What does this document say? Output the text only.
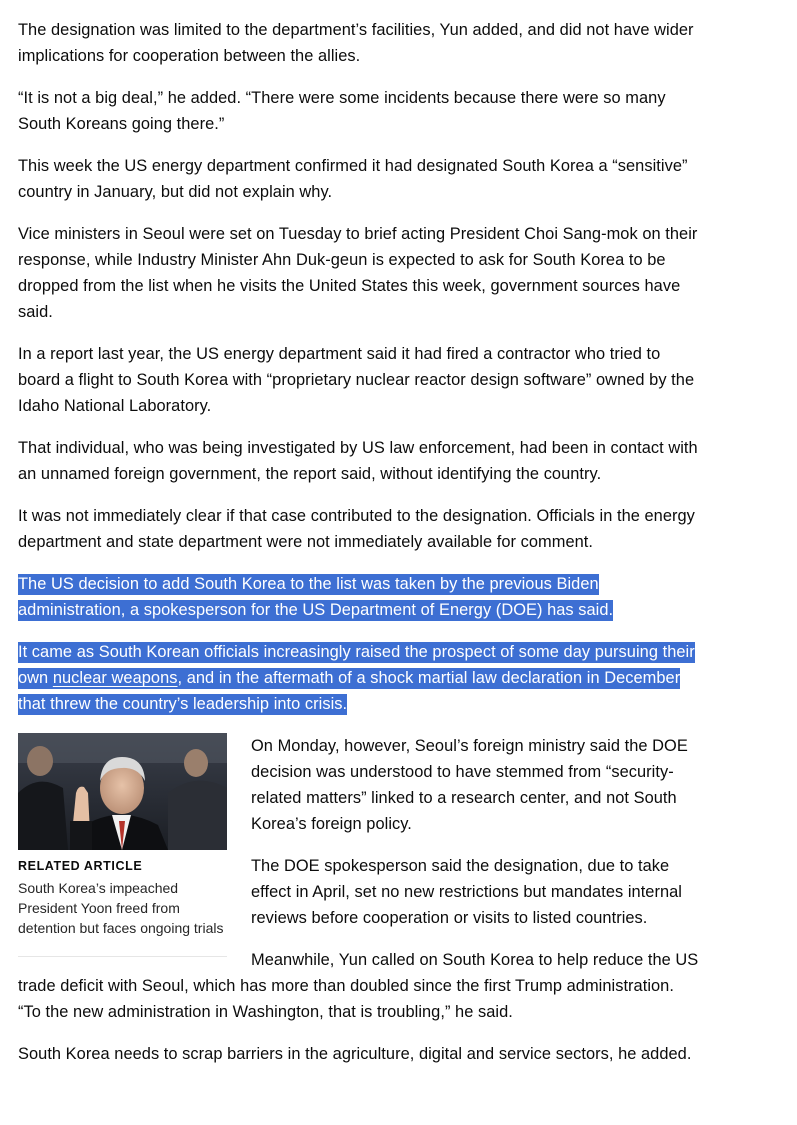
The designation was limited to the department’s facilities, Yun added, and did not have wider implications for cooperation between the allies.

“It is not a big deal,” he added. “There were some incidents because there were so many South Koreans going there.”

This week the US energy department confirmed it had designated South Korea a “sensitive” country in January, but did not explain why.

Vice ministers in Seoul were set on Tuesday to brief acting President Choi Sang-mok on their response, while Industry Minister Ahn Duk-geun is expected to ask for South Korea to be dropped from the list when he visits the United States this week, government sources have said.

In a report last year, the US energy department said it had fired a contractor who tried to board a flight to South Korea with “proprietary nuclear reactor design software” owned by the Idaho National Laboratory.

That individual, who was being investigated by US law enforcement, had been in contact with an unnamed foreign government, the report said, without identifying the country.

It was not immediately clear if that case contributed to the designation. Officials in the energy department and state department were not immediately available for comment.

The US decision to add South Korea to the list was taken by the previous Biden administration, a spokesperson for the US Department of Energy (DOE) has said.

It came as South Korean officials increasingly raised the prospect of some day pursuing their own nuclear weapons, and in the aftermath of a shock martial law declaration in December that threw the country’s leadership into crisis.

RELATED ARTICLE
South Korea’s impeached President Yoon freed from detention but faces ongoing trials

On Monday, however, Seoul’s foreign ministry said the DOE decision was understood to have stemmed from “security-related matters” linked to a research center, and not South Korea’s foreign policy.

The DOE spokesperson said the designation, due to take effect in April, set no new restrictions but mandates internal reviews before cooperation or visits to listed countries.

Meanwhile, Yun called on South Korea to help reduce the US trade deficit with Seoul, which has more than doubled since the first Trump administration. “To the new administration in Washington, that is troubling,” he said.

South Korea needs to scrap barriers in the agriculture, digital and service sectors, he added.
